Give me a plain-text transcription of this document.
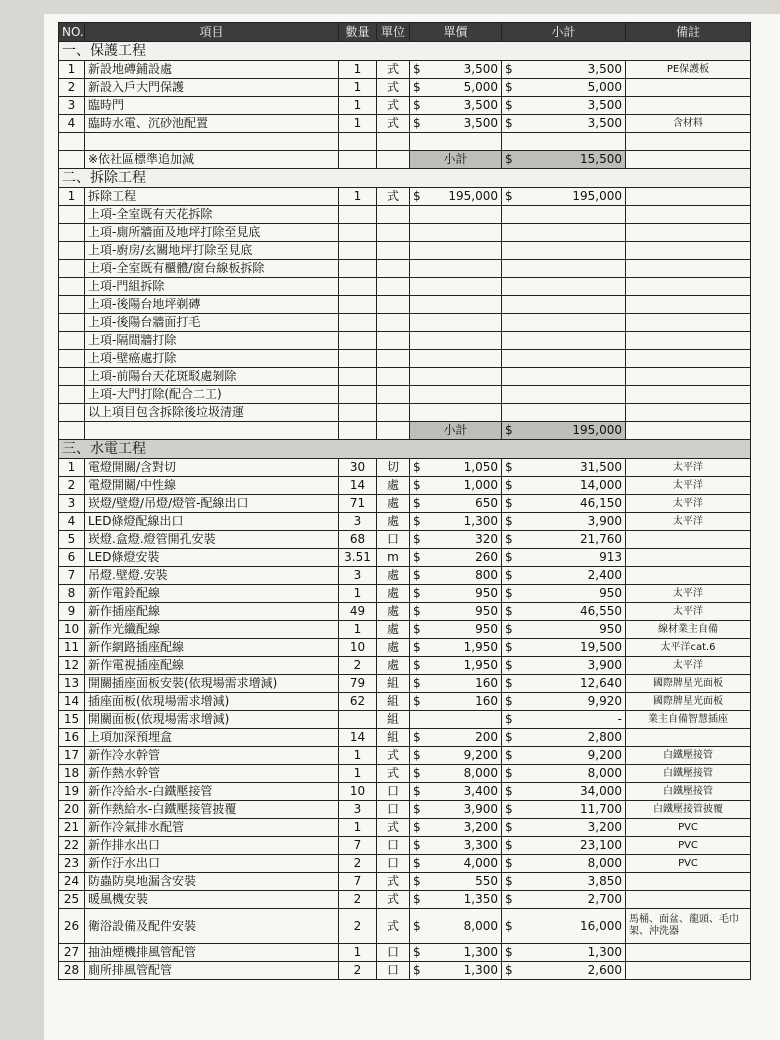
NO.	項目	數量	單位	單價	小計	備註
一、保護工程						
1	新設地磚鋪設處	1	式	$ 3,500	$ 3,500	PE保護板
2	新設入戶大門保護	1	式	$ 5,000	$ 5,000	

3	臨時門	1	式	$ 3,500	$ 3,500	

4	臨時水電、沉砂池配置	1	式	$ 3,500	$ 3,500	含材料

	※依社區標準追加減			小計	$ 15,500	

二、拆除工程						
1	拆除工程	1	式	$ 195,000	$ 195,000	

	上項-全室既有天花拆除			

	上項-廁所牆面及地坪打除至見底			

	上項-廚房/玄關地坪打除至見底			

	上項-全室既有櫃體/窗台線板拆除			

	上項-門組拆除			

	上項-後陽台地坪剃磚			

	上項-後陽台牆面打毛			

	上項-隔間牆打除			

	上項-壁癌處打除			

	上項-前陽台天花斑駁處剝除			

	上項-大門打除(配合二工)			

	以上項目包含拆除後垃圾清運			

				小計	$ 195,000	

三、水電工程						
1	電燈開關/含對切	30	切	$ 1,050	$ 31,500	太平洋
2	電燈開關/中性線	14	處	$ 1,000	$ 14,000	太平洋
3	崁燈/壁燈/吊燈/燈管-配線出口	71	處	$ 650	$ 46,150	太平洋
4	LED條燈配線出口	3	處	$ 1,300	$ 3,900	太平洋
5	崁燈.盒燈.燈管開孔安裝	68	口	$ 320	$ 21,760	

6	LED條燈安裝	3.51	m	$ 260	$ 913	

7	吊燈.壁燈.安裝	3	處	$ 800	$ 2,400	

8	新作電鈴配線	1	處	$ 950	$ 950	太平洋
9	新作插座配線	49	處	$ 950	$ 46,550	太平洋
10	新作光纖配線	1	處	$ 950	$ 950	線材業主自備
11	新作網路插座配線	10	處	$ 1,950	$ 19,500	太平洋cat.6
12	新作電視插座配線	2	處	$ 1,950	$ 3,900	太平洋
13	開關插座面板安裝(依現場需求增減)	79	組	$ 160	$ 12,640	國際牌星光面板
14	插座面板(依現場需求增減)	62	組	$ 160	$ 9,920	國際牌星光面板
15	開關面板(依現場需求增減)		組		$ -	業主自備智慧插座
16	上項加深預埋盒	14	組	$ 200	$ 2,800	

17	新作冷水幹管	1	式	$ 9,200	$ 9,200	白鐵壓接管
18	新作熱水幹管	1	式	$ 8,000	$ 8,000	白鐵壓接管
19	新作冷給水-白鐵壓接管	10	口	$ 3,400	$ 34,000	白鐵壓接管
20	新作熱給水-白鐵壓接管披覆	3	口	$ 3,900	$ 11,700	白鐵壓接管披覆
21	新作冷氣排水配管	1	式	$ 3,200	$ 3,200	PVC
22	新作排水出口	7	口	$ 3,300	$ 23,100	PVC
23	新作汙水出口	2	口	$ 4,000	$ 8,000	PVC
24	防蟲防臭地漏含安裝	7	式	$ 550	$ 3,850	

25	暖風機安裝	2	式	$ 1,350	$ 2,700	

26	衛浴設備及配件安裝	2	式	$ 8,000	$ 16,000	馬桶、面盆、龍頭、毛巾架、沖洗器
27	抽油煙機排風管配管	1	口	$ 1,300	$ 1,300	

28	廁所排風管配管	2	口	$ 1,300	$ 2,600	
